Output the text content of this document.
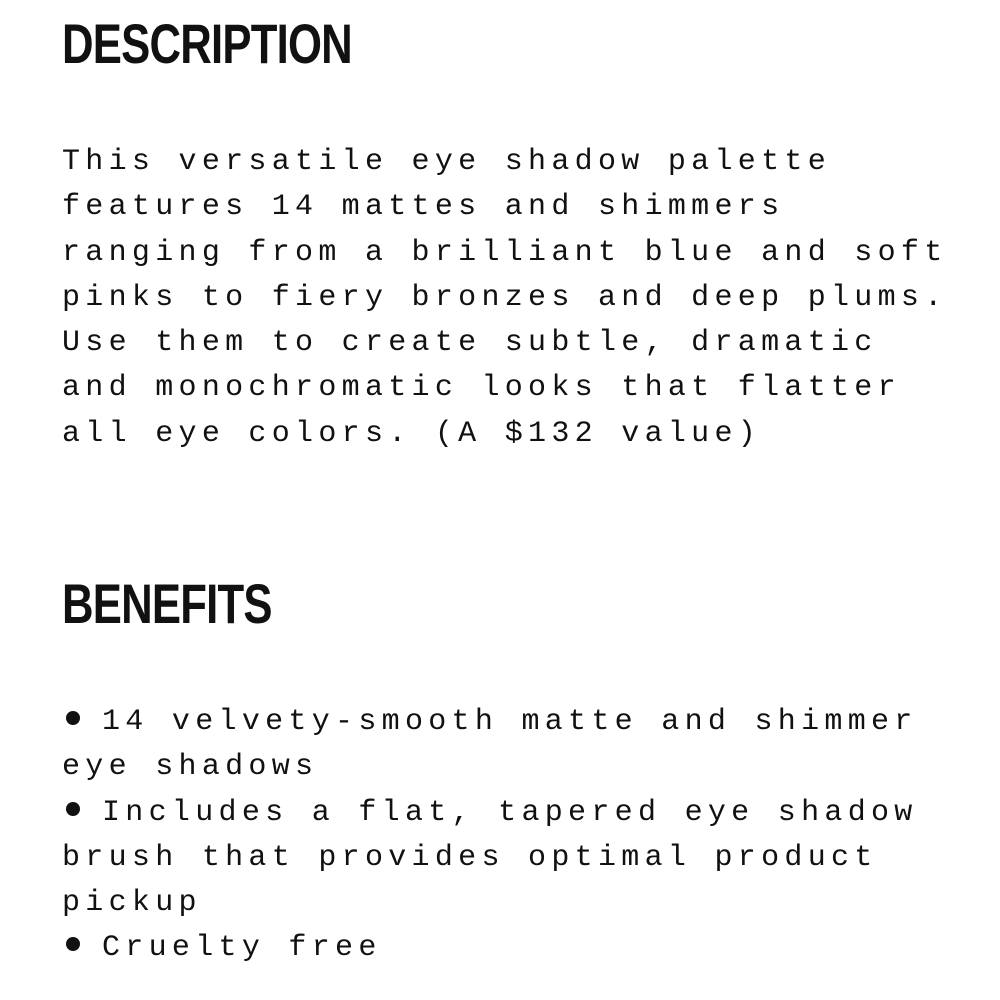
DESCRIPTION

This versatile eye shadow palette features 14 mattes and shimmers ranging from a brilliant blue and soft pinks to fiery bronzes and deep plums. Use them to create subtle, dramatic and monochromatic looks that flatter all eye colors. (A $132 value)

BENEFITS
14 velvety-smooth matte and shimmer eye shadows
Includes a flat, tapered eye shadow brush that provides optimal product pickup
Cruelty free
